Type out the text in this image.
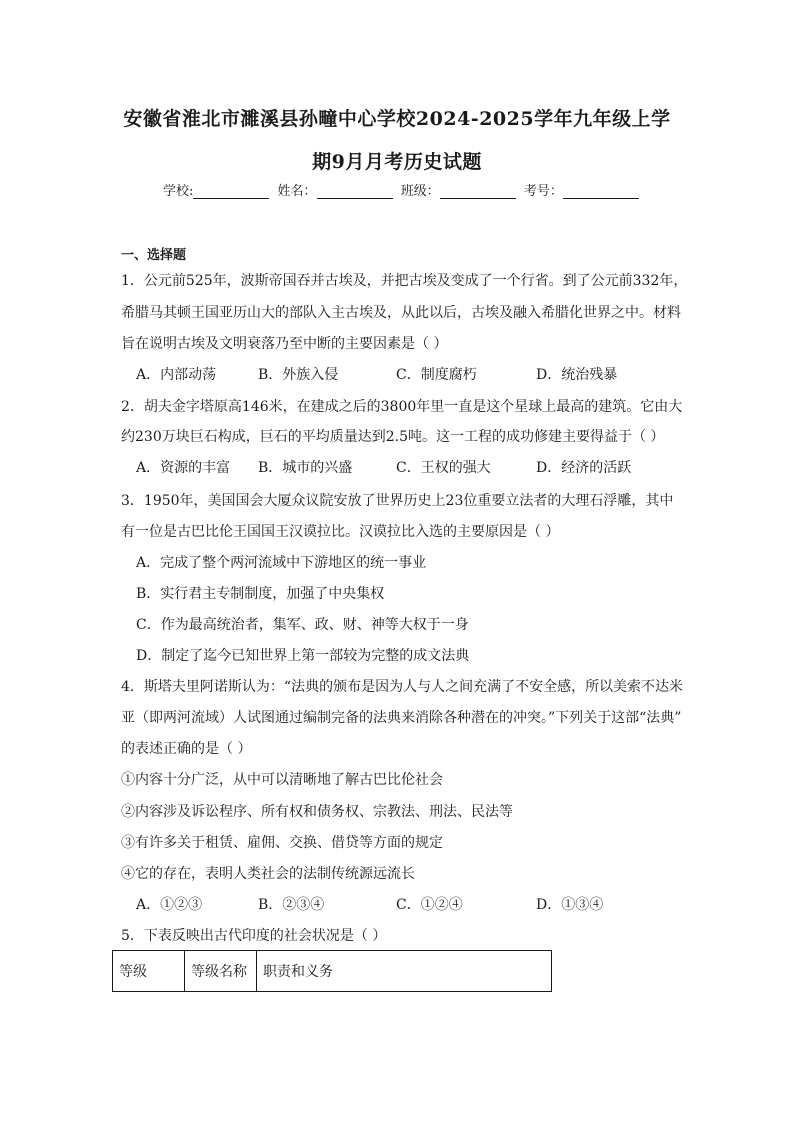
安徽省淮北市濉溪县孙疃中心学校2024-2025学年九年级上学
期9月月考历史试题
学校:	姓名：	班级：	考号：
一、选择题
1．公元前525年，波斯帝国吞并古埃及，并把古埃及变成了一个行省。到了公元前332年，
希腊马其顿王国亚历山大的部队入主古埃及，从此以后，古埃及融入希腊化世界之中。材料
旨在说明古埃及文明衰落乃至中断的主要因素是（ ）
A．内部动荡	B．外族入侵	C．制度腐朽	D．统治残暴
2．胡夫金字塔原高146米，在建成之后的3800年里一直是这个星球上最高的建筑。它由大
约230万块巨石构成，巨石的平均质量达到2.5吨。这一工程的成功修建主要得益于（ ）
A．资源的丰富 B．城市的兴盛	C．王权的强大	D．经济的活跃
3．1950年，美国国会大厦众议院安放了世界历史上23位重要立法者的大理石浮雕，其中
有一位是古巴比伦王国国王汉谟拉比。汉谟拉比入选的主要原因是（ ）
A．完成了整个两河流域中下游地区的统一事业
B．实行君主专制制度，加强了中央集权
C．作为最高统治者，集军、政、财、神等大权于一身
D．制定了迄今已知世界上第一部较为完整的成文法典
4．斯塔夫里阿诺斯认为：“法典的颁布是因为人与人之间充满了不安全感，所以美索不达米
亚（即两河流域）人试图通过编制完备的法典来消除各种潜在的冲突。”下列关于这部“法典”
的表述正确的是（ ）
①内容十分广泛，从中可以清晰地了解古巴比伦社会
②内容涉及诉讼程序、所有权和债务权、宗教法、刑法、民法等
③有许多关于租赁、雇佣、交换、借贷等方面的规定
④它的存在，表明人类社会的法制传统源远流长
A．①②③	B．②③④	C．①②④	D．①③④
5．下表反映出古代印度的社会状况是（ ）
等级	等级名称	职责和义务
